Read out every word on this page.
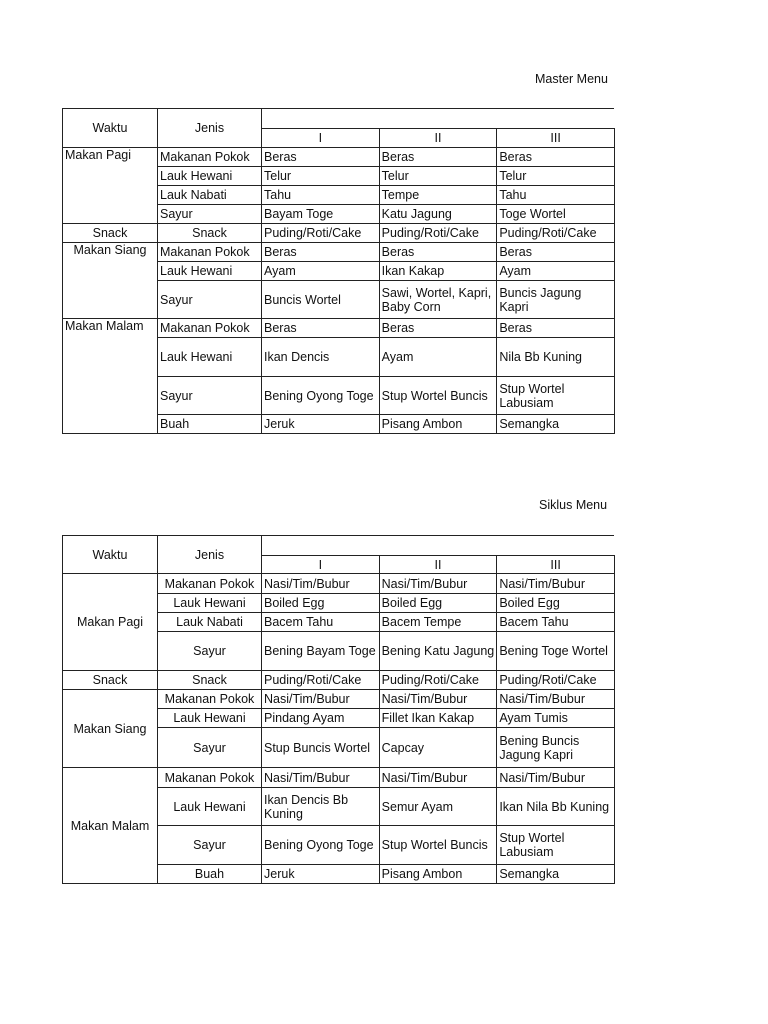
Master Menu
Waktu	Jenis			
		I	II	III
Makan Pagi	Makanan Pokok	Beras	Beras	Beras
	Lauk Hewani	Telur	Telur	Telur
	Lauk Nabati	Tahu	Tempe	Tahu
	Sayur	Bayam Toge	Katu Jagung	Toge Wortel
Snack	Snack	Puding/Roti/Cake	Puding/Roti/Cake	Puding/Roti/Cake
Makan Siang	Makanan Pokok	Beras	Beras	Beras
	Lauk Hewani	Ayam	Ikan Kakap	Ayam
	Sayur	Buncis Wortel	Sawi, Wortel, Kapri, Baby Corn	Buncis Jagung Kapri
Makan Malam	Makanan Pokok	Beras	Beras	Beras
	Lauk Hewani	Ikan Dencis	Ayam	Nila Bb Kuning
	Sayur	Bening Oyong Toge	Stup Wortel Buncis	Stup Wortel Labusiam
	Buah	Jeruk	Pisang Ambon	Semangka
Siklus Menu
Waktu	Jenis			
		I	II	III
Makan Pagi	Makanan Pokok	Nasi/Tim/Bubur	Nasi/Tim/Bubur	Nasi/Tim/Bubur
	Lauk Hewani	Boiled Egg	Boiled Egg	Boiled Egg
	Lauk Nabati	Bacem Tahu	Bacem Tempe	Bacem Tahu
	Sayur	Bening Bayam Toge	Bening Katu Jagung	Bening Toge Wortel
Snack	Snack	Puding/Roti/Cake	Puding/Roti/Cake	Puding/Roti/Cake
Makan Siang	Makanan Pokok	Nasi/Tim/Bubur	Nasi/Tim/Bubur	Nasi/Tim/Bubur
	Lauk Hewani	Pindang Ayam	Fillet Ikan Kakap	Ayam Tumis
	Sayur	Stup Buncis Wortel	Capcay	Bening Buncis Jagung Kapri
Makan Malam	Makanan Pokok	Nasi/Tim/Bubur	Nasi/Tim/Bubur	Nasi/Tim/Bubur
	Lauk Hewani	Ikan Dencis Bb Kuning	Semur Ayam	Ikan Nila Bb Kuning
	Sayur	Bening Oyong Toge	Stup Wortel Buncis	Stup Wortel Labusiam
	Buah	Jeruk	Pisang Ambon	Semangka
